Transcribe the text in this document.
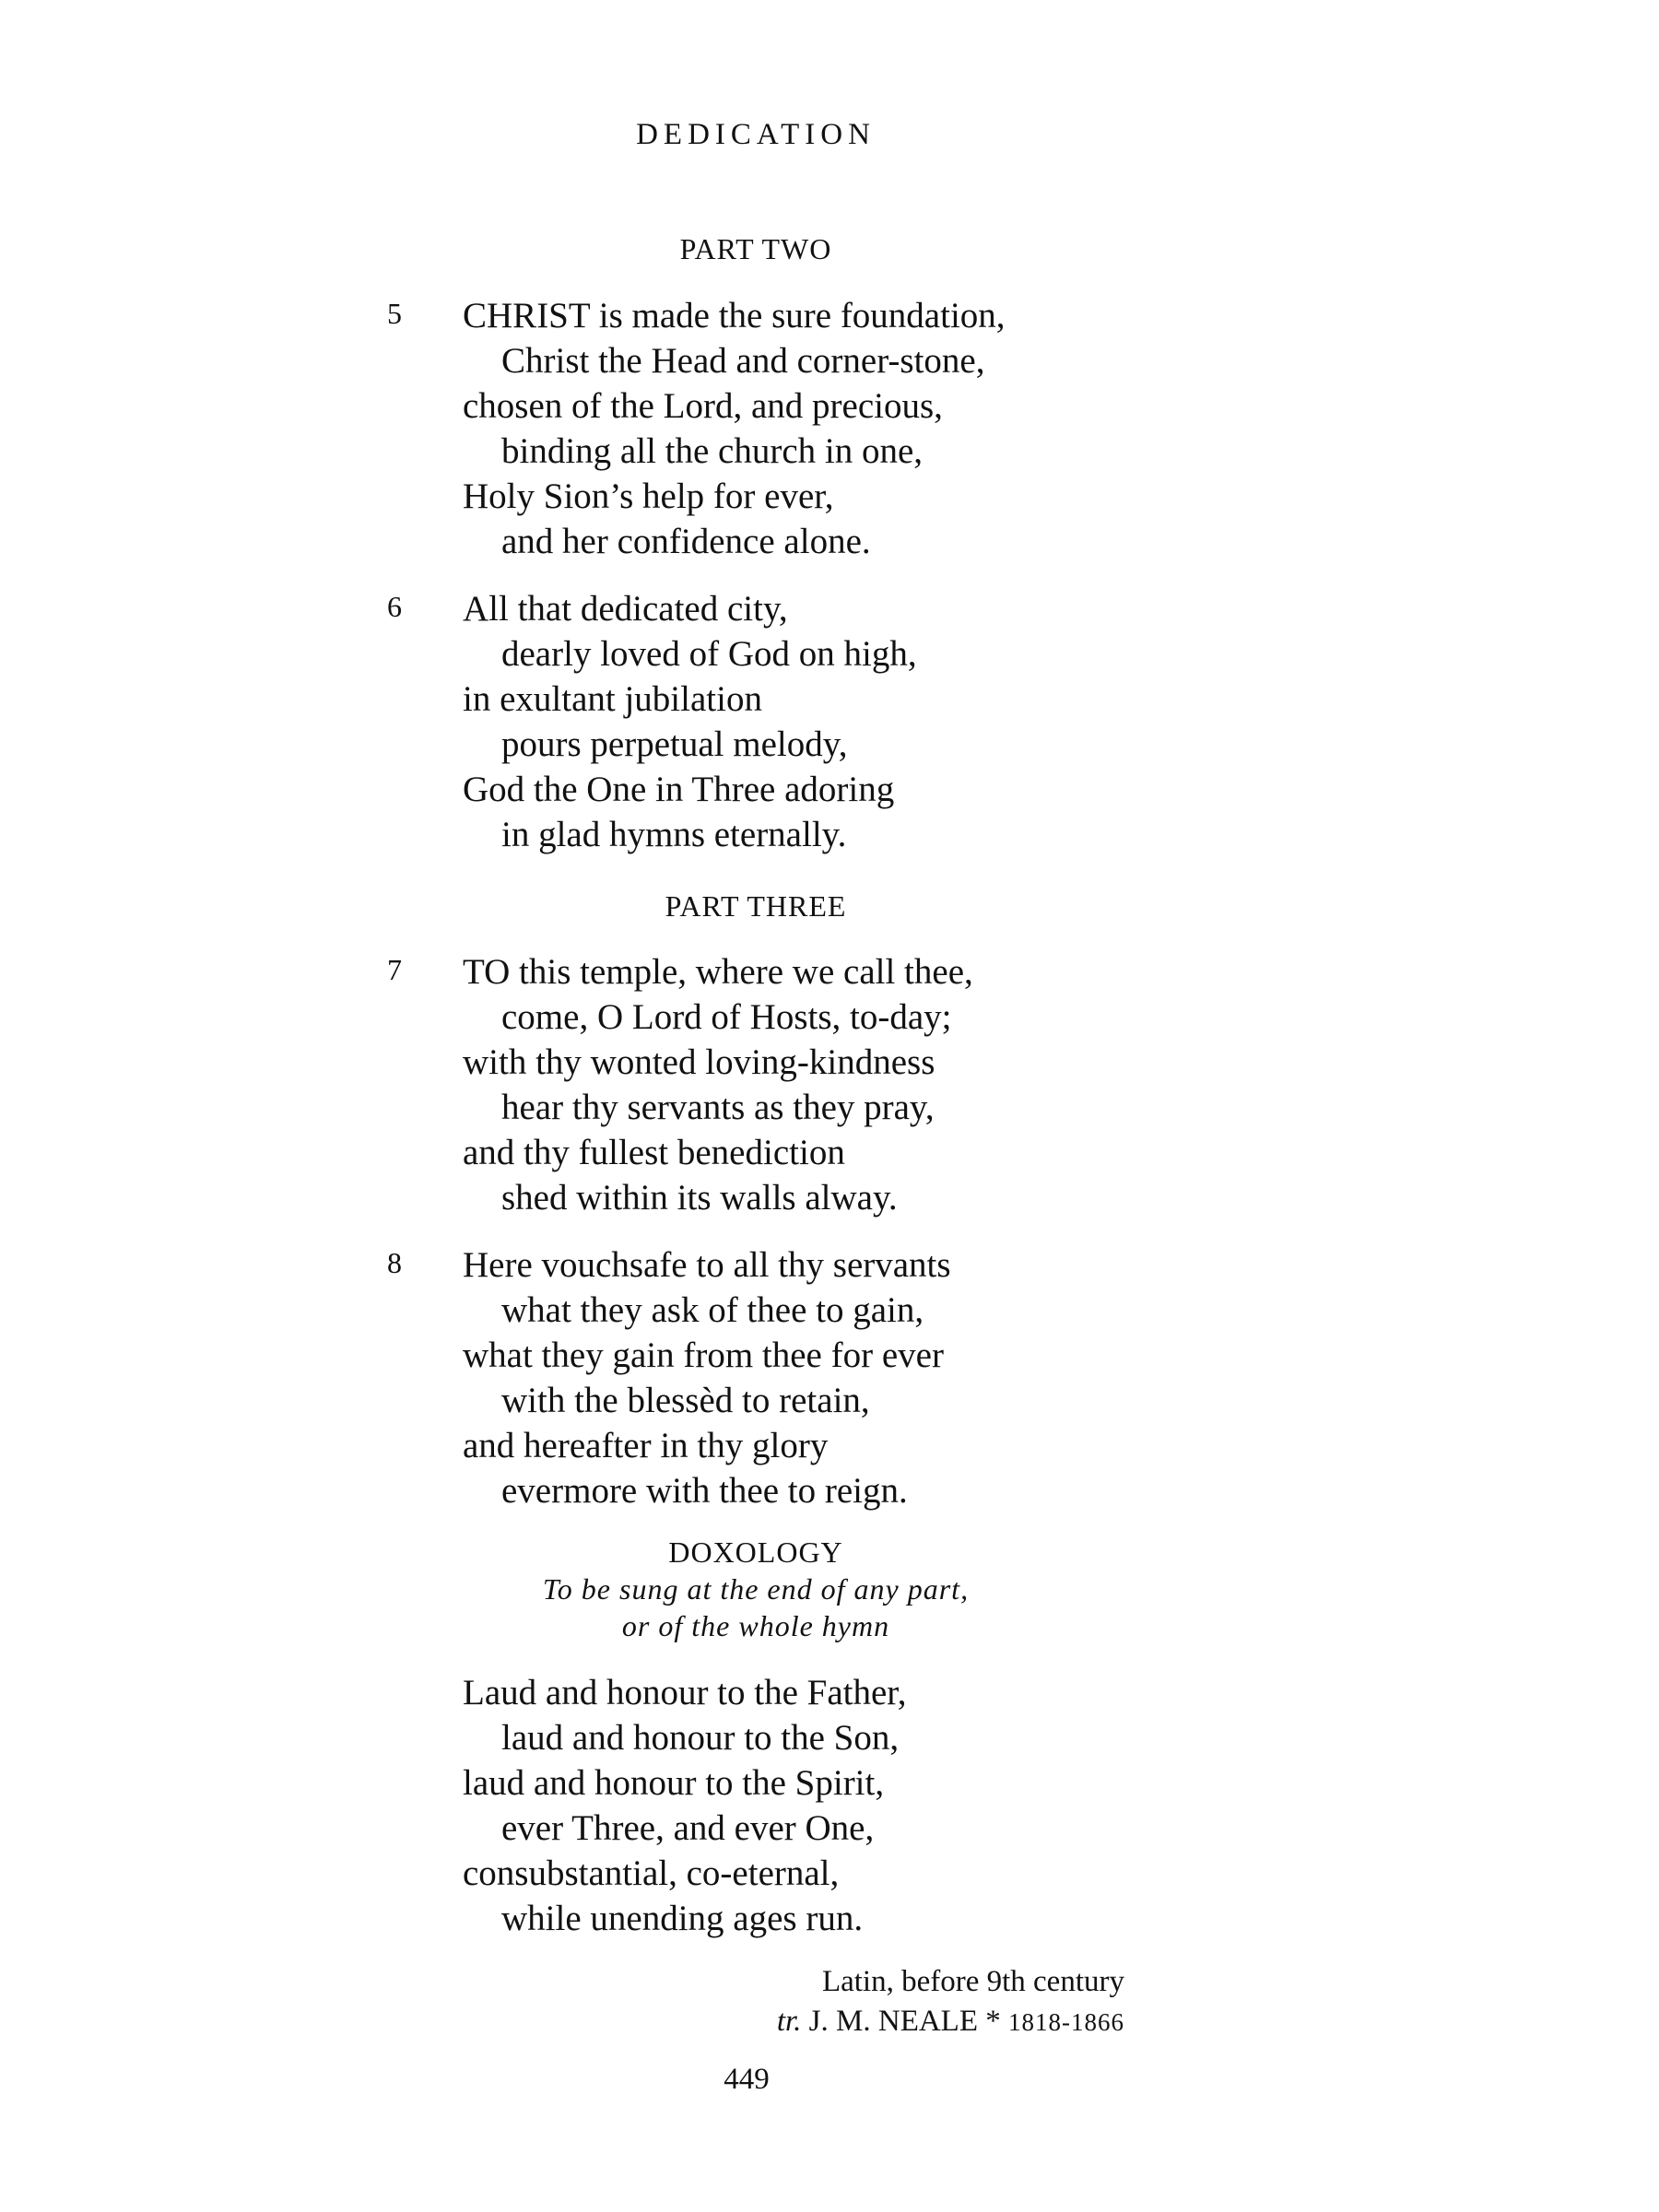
DEDICATION
PART TWO
5 CHRIST is made the sure foundation,
Christ the Head and corner-stone,
chosen of the Lord, and precious,
binding all the church in one,
Holy Sion’s help for ever,
and her confidence alone.
6 All that dedicated city,
dearly loved of God on high,
in exultant jubilation
pours perpetual melody,
God the One in Three adoring
in glad hymns eternally.
PART THREE
7 TO this temple, where we call thee,
come, O Lord of Hosts, to-day;
with thy wonted loving-kindness
hear thy servants as they pray,
and thy fullest benediction
shed within its walls alway.
8 Here vouchsafe to all thy servants
what they ask of thee to gain,
what they gain from thee for ever
with the blessèd to retain,
and hereafter in thy glory
evermore with thee to reign.
DOXOLOGY
To be sung at the end of any part,
or of the whole hymn
Laud and honour to the Father,
laud and honour to the Son,
laud and honour to the Spirit,
ever Three, and ever One,
consubstantial, co-eternal,
while unending ages run.
Latin, before 9th century
tr. J. M. NEALE * 1818-1866
449
